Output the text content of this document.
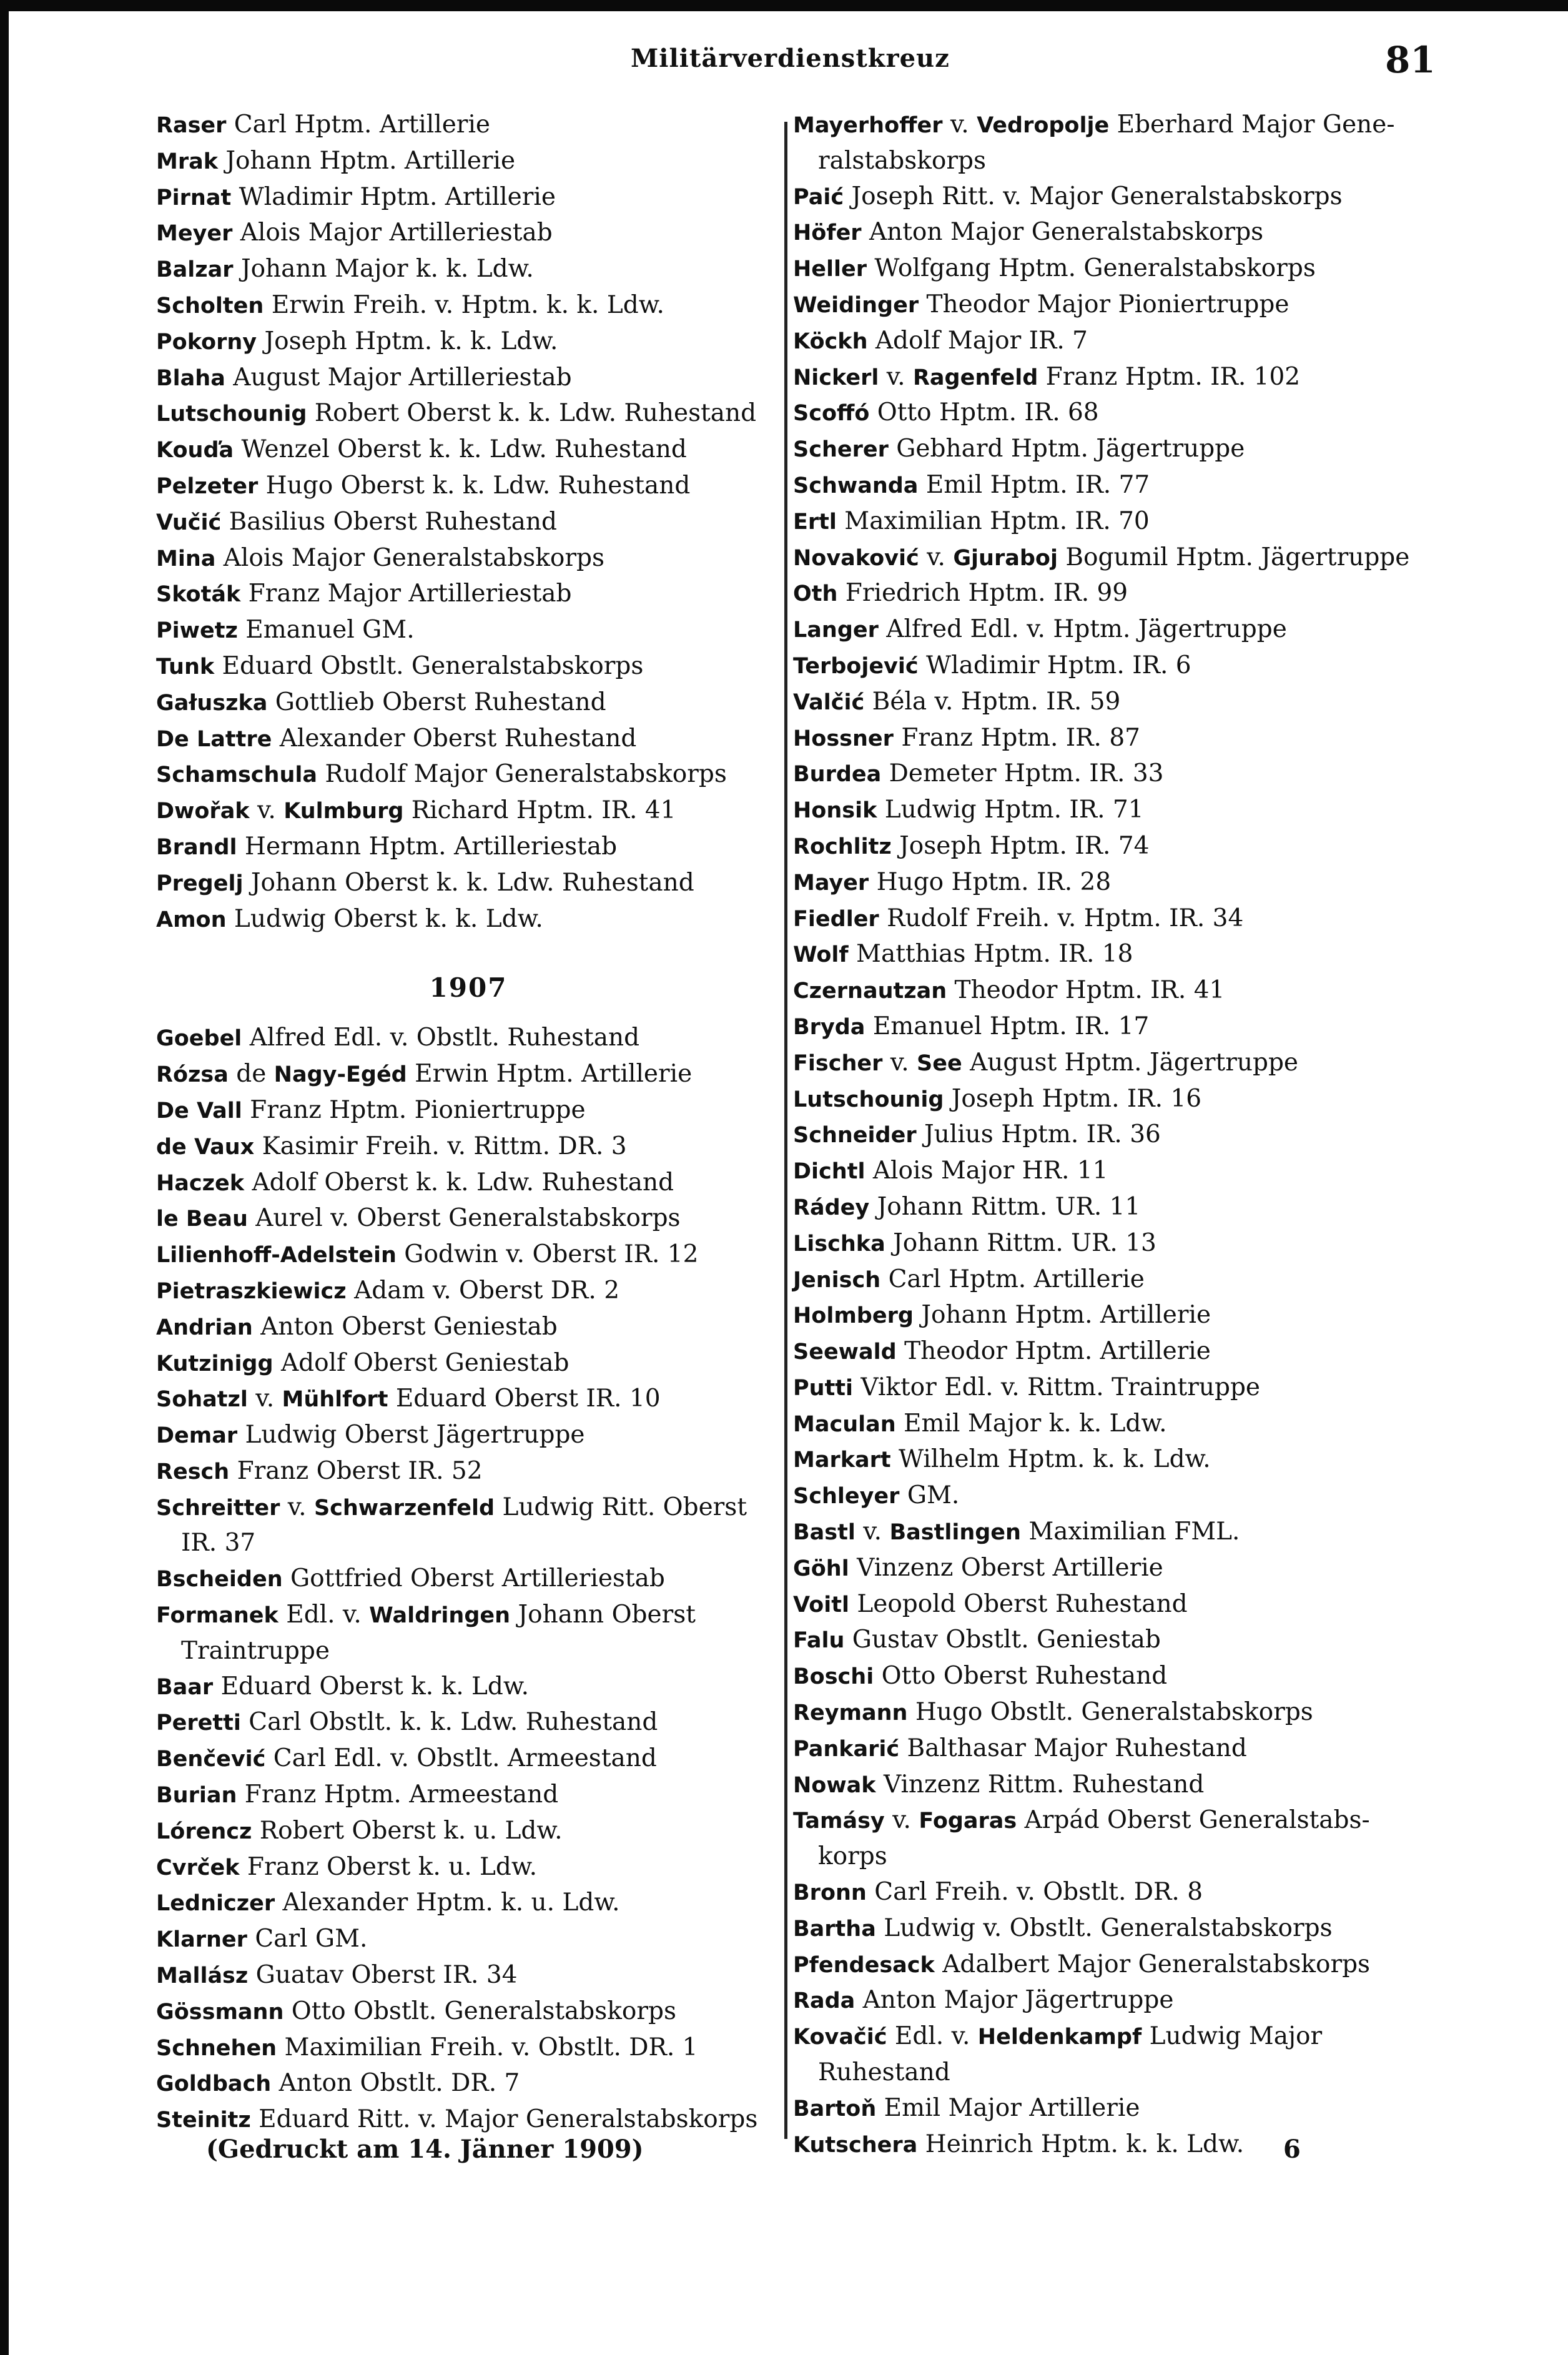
Militärverdienstkreuz	81
Raser Carl Hptm. Artillerie
Mrak Johann Hptm. Artillerie
Pirnat Wladimir Hptm. Artillerie
Meyer Alois Major Artilleriestab
Balzar Johann Major k. k. Ldw.
Scholten Erwin Freih. v. Hptm. k. k. Ldw.
Pokorny Joseph Hptm. k. k. Ldw.
Blaha August Major Artilleriestab
Lutschounig Robert Oberst k. k. Ldw. Ruhestand
Kouďa Wenzel Oberst k. k. Ldw. Ruhestand
Pelzeter Hugo Oberst k. k. Ldw. Ruhestand
Vučić Basilius Oberst Ruhestand
Mina Alois Major Generalstabskorps
Skoták Franz Major Artilleriestab
Piwetz Emanuel GM.
Tunk Eduard Obstlt. Generalstabskorps
Gałuszka Gottlieb Oberst Ruhestand
De Lattre Alexander Oberst Ruhestand
Schamschula Rudolf Major Generalstabskorps
Dwořak v. Kulmburg Richard Hptm. IR. 41
Brandl Hermann Hptm. Artilleriestab
Pregelj Johann Oberst k. k. Ldw. Ruhestand
Amon Ludwig Oberst k. k. Ldw.
1907
Goebel Alfred Edl. v. Obstlt. Ruhestand
Rózsa de Nagy-Egéd Erwin Hptm. Artillerie
De Vall Franz Hptm. Pioniertruppe
de Vaux Kasimir Freih. v. Rittm. DR. 3
Haczek Adolf Oberst k. k. Ldw. Ruhestand
le Beau Aurel v. Oberst Generalstabskorps
Lilienhoff-Adelstein Godwin v. Oberst IR. 12
Pietraszkiewicz Adam v. Oberst DR. 2
Andrian Anton Oberst Geniestab
Kutzinigg Adolf Oberst Geniestab
Sohatzl v. Mühlfort Eduard Oberst IR. 10
Demar Ludwig Oberst Jägertruppe
Resch Franz Oberst IR. 52
Schreitter v. Schwarzenfeld Ludwig Ritt. Oberst
IR. 37
Bscheiden Gottfried Oberst Artilleriestab
Formanek Edl. v. Waldringen Johann Oberst
Traintruppe
Baar Eduard Oberst k. k. Ldw.
Peretti Carl Obstlt. k. k. Ldw. Ruhestand
Benčević Carl Edl. v. Obstlt. Armeestand
Burian Franz Hptm. Armeestand
Lórencz Robert Oberst k. u. Ldw.
Cvrček Franz Oberst k. u. Ldw.
Ledniczer Alexander Hptm. k. u. Ldw.
Klarner Carl GM.
Mallász Guatav Oberst IR. 34
Gössmann Otto Obstlt. Generalstabskorps
Schnehen Maximilian Freih. v. Obstlt. DR. 1
Goldbach Anton Obstlt. DR. 7
Steinitz Eduard Ritt. v. Major Generalstabskorps
Mayerhoffer v. Vedropolje Eberhard Major Gene-
ralstabskorps
Paić Joseph Ritt. v. Major Generalstabskorps
Höfer Anton Major Generalstabskorps
Heller Wolfgang Hptm. Generalstabskorps
Weidinger Theodor Major Pioniertruppe
Köckh Adolf Major IR. 7
Nickerl v. Ragenfeld Franz Hptm. IR. 102
Scoffó Otto Hptm. IR. 68
Scherer Gebhard Hptm. Jägertruppe
Schwanda Emil Hptm. IR. 77
Ertl Maximilian Hptm. IR. 70
Novaković v. Gjuraboj Bogumil Hptm. Jägertruppe
Oth Friedrich Hptm. IR. 99
Langer Alfred Edl. v. Hptm. Jägertruppe
Terbojević Wladimir Hptm. IR. 6
Valčić Béla v. Hptm. IR. 59
Hossner Franz Hptm. IR. 87
Burdea Demeter Hptm. IR. 33
Honsik Ludwig Hptm. IR. 71
Rochlitz Joseph Hptm. IR. 74
Mayer Hugo Hptm. IR. 28
Fiedler Rudolf Freih. v. Hptm. IR. 34
Wolf Matthias Hptm. IR. 18
Czernautzan Theodor Hptm. IR. 41
Bryda Emanuel Hptm. IR. 17
Fischer v. See August Hptm. Jägertruppe
Lutschounig Joseph Hptm. IR. 16
Schneider Julius Hptm. IR. 36
Dichtl Alois Major HR. 11
Rádey Johann Rittm. UR. 11
Lischka Johann Rittm. UR. 13
Jenisch Carl Hptm. Artillerie
Holmberg Johann Hptm. Artillerie
Seewald Theodor Hptm. Artillerie
Putti Viktor Edl. v. Rittm. Traintruppe
Maculan Emil Major k. k. Ldw.
Markart Wilhelm Hptm. k. k. Ldw.
Schleyer GM.
Bastl v. Bastlingen Maximilian FML.
Göhl Vinzenz Oberst Artillerie
Voitl Leopold Oberst Ruhestand
Falu Gustav Obstlt. Geniestab
Boschi Otto Oberst Ruhestand
Reymann Hugo Obstlt. Generalstabskorps
Pankarić Balthasar Major Ruhestand
Nowak Vinzenz Rittm. Ruhestand
Tamásy v. Fogaras Arpád Oberst Generalstabs-
korps
Bronn Carl Freih. v. Obstlt. DR. 8
Bartha Ludwig v. Obstlt. Generalstabskorps
Pfendesack Adalbert Major Generalstabskorps
Rada Anton Major Jägertruppe
Kovačić Edl. v. Heldenkampf Ludwig Major
Ruhestand
Bartoň Emil Major Artillerie
Kutschera Heinrich Hptm. k. k. Ldw.
(Gedruckt am 14. Jänner 1909)	6
